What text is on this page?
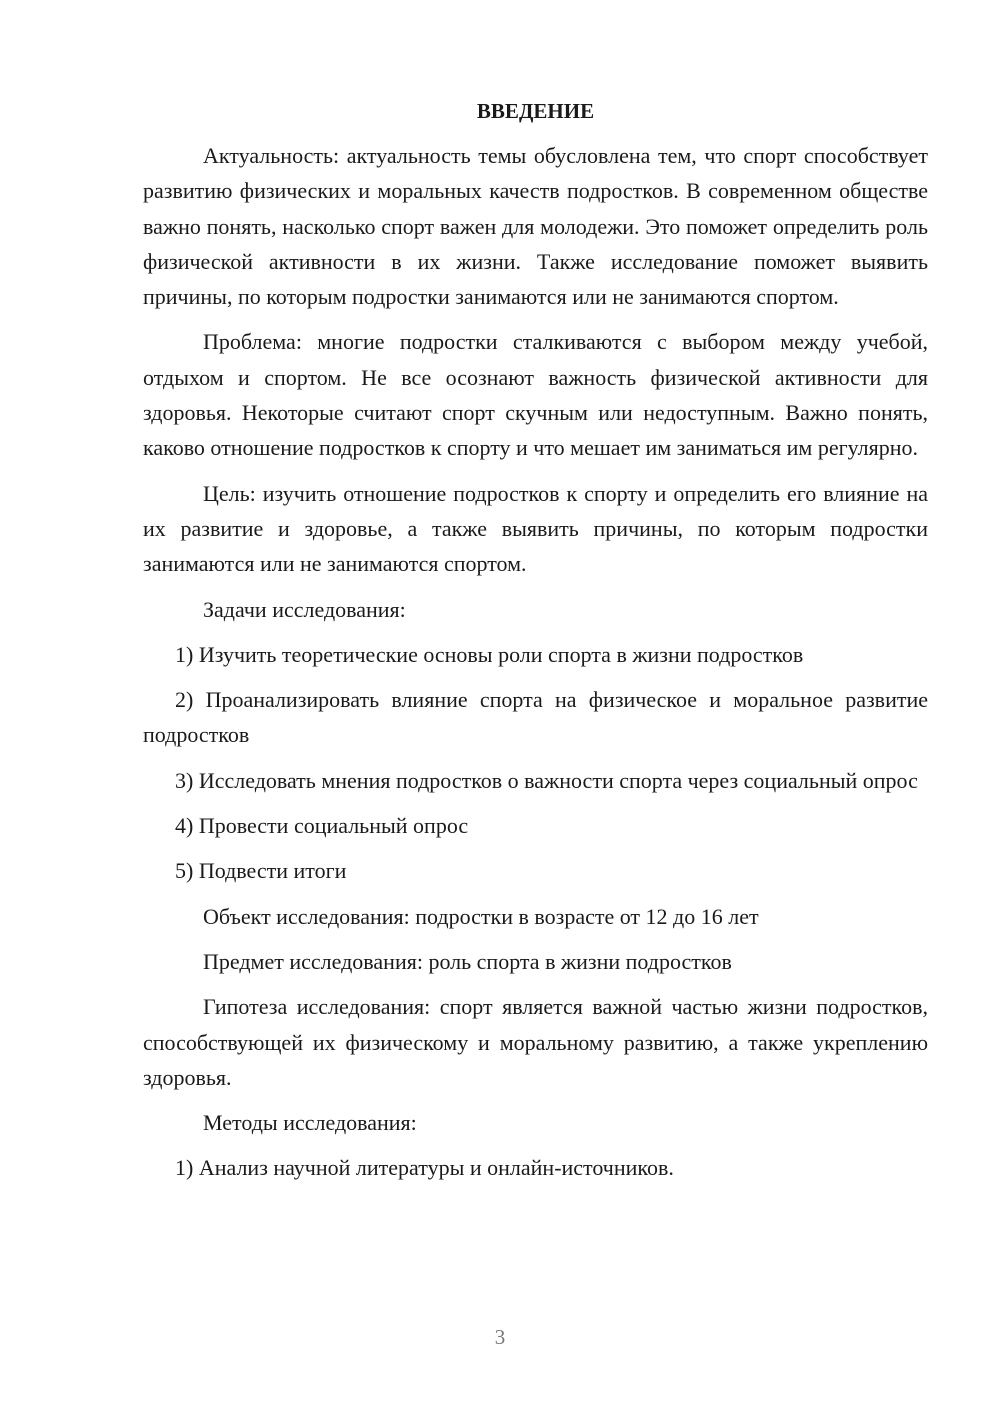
ВВЕДЕНИЕ

Актуальность: актуальность темы обусловлена тем, что спорт способствует развитию физических и моральных качеств подростков. В современном обществе важно понять, насколько спорт важен для молодежи. Это поможет определить роль физической активности в их жизни. Также исследование поможет выявить причины, по которым подростки занимаются или не занимаются спортом.

Проблема: многие подростки сталкиваются с выбором между учебой, отдыхом и спортом. Не все осознают важность физической активности для здоровья. Некоторые считают спорт скучным или недоступным. Важно понять, каково отношение подростков к спорту и что мешает им заниматься им регулярно.

Цель: изучить отношение подростков к спорту и определить его влияние на их развитие и здоровье, а также выявить причины, по которым подростки занимаются или не занимаются спортом.

Задачи исследования:

1) Изучить теоретические основы роли спорта в жизни подростков

2) Проанализировать влияние спорта на физическое и моральное развитие подростков

3) Исследовать мнения подростков о важности спорта через социальный опрос

4) Провести социальный опрос

5) Подвести итоги

Объект исследования: подростки в возрасте от 12 до 16 лет

Предмет исследования: роль спорта в жизни подростков

Гипотеза исследования: спорт является важной частью жизни подростков, способствующей их физическому и моральному развитию, а также укреплению здоровья.

Методы исследования:

1) Анализ научной литературы и онлайн-источников.

3
